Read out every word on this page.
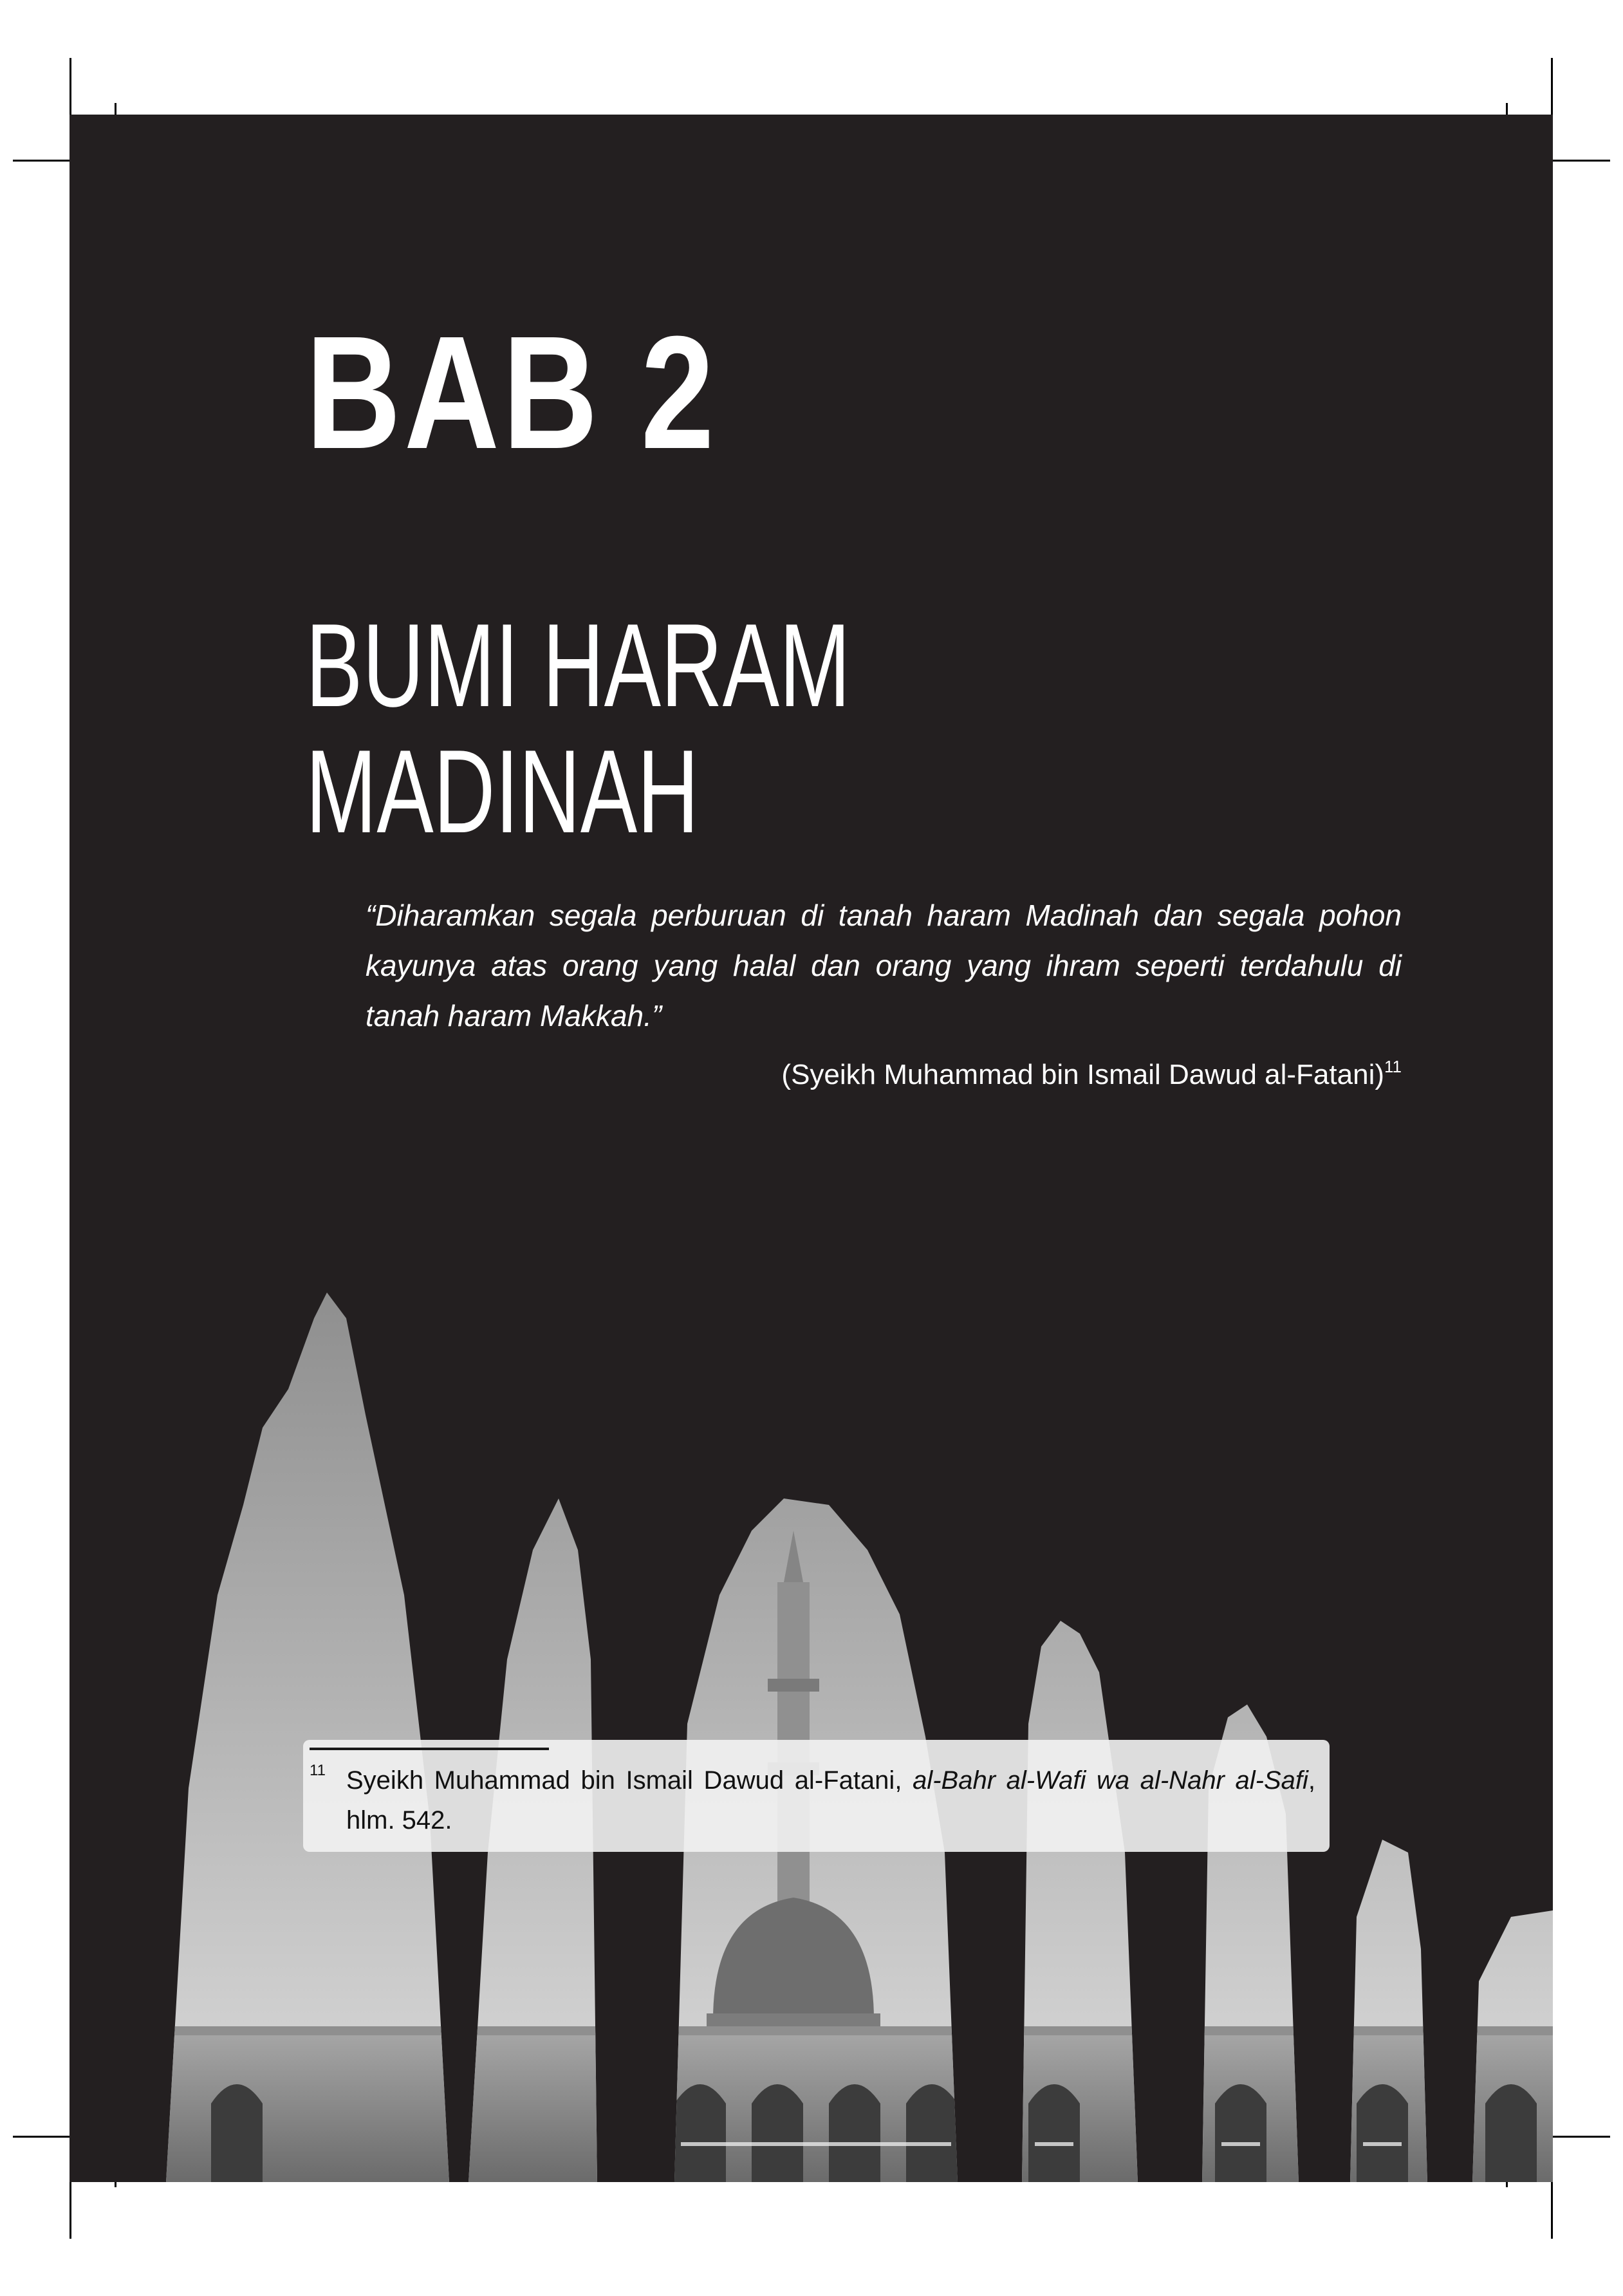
BAB 2
BUMI HARAM
MADINAH

“Diharamkan segala perburuan di tanah haram Madinah dan segala pohon kayunya atas orang yang halal dan orang yang ihram seperti terdahulu di tanah haram Makkah.”

(Syeikh Muhammad bin Ismail Dawud al-Fatani)$^{11}$
11 Syeikh Muhammad bin Ismail Dawud al-Fatani, al-Bahr al-Wafi wa al-Nahr al-Safi, hlm. 542.
